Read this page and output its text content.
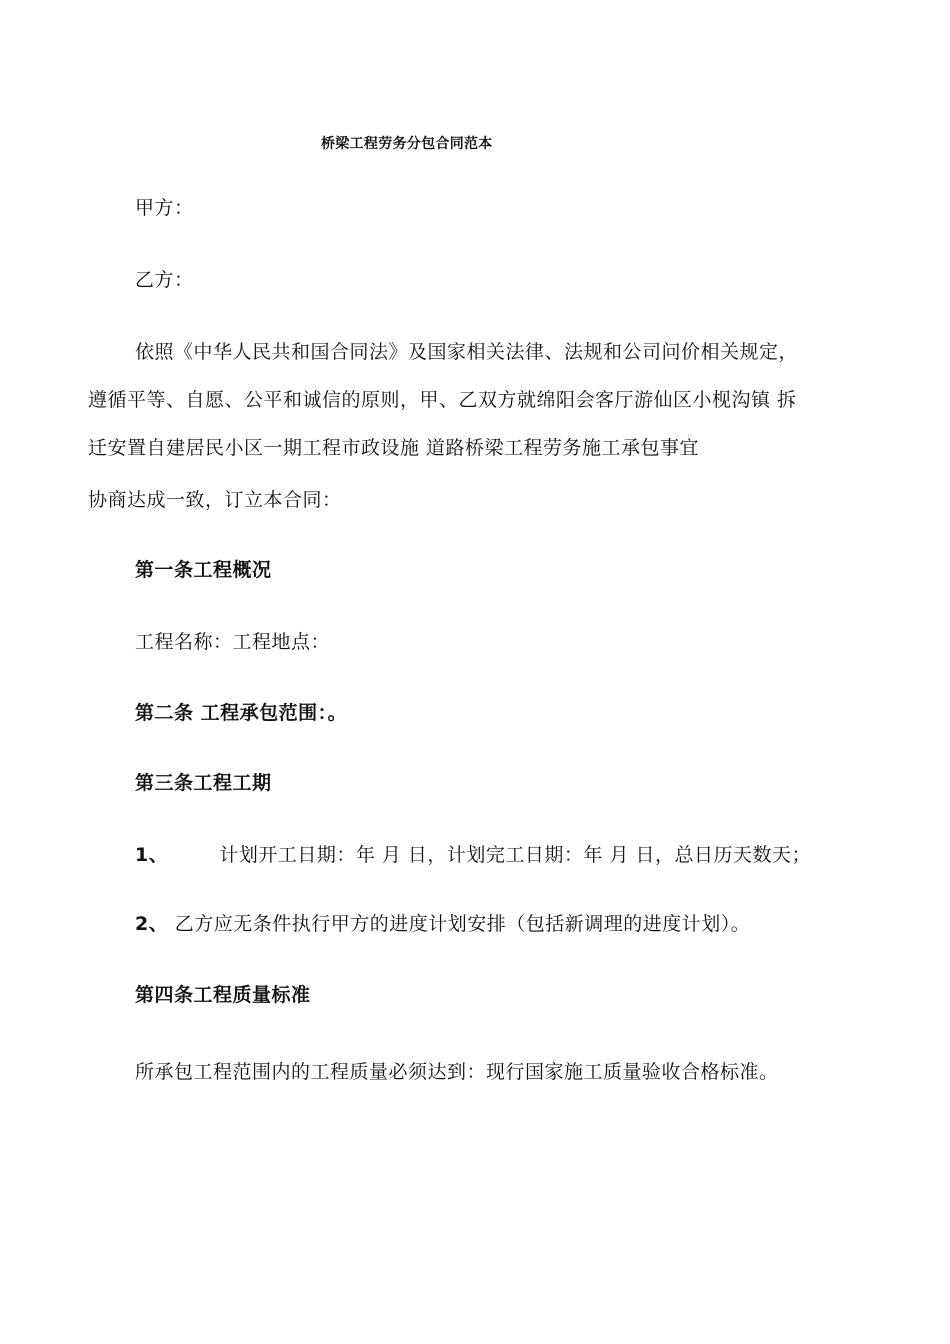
桥梁工程劳务分包合同范本
甲方：
乙方：
依照《中华人民共和国合同法》及国家相关法律、法规和公司问价相关规定，
遵循平等、自愿、公平和诚信的原则，甲、乙双方就绵阳会客厅游仙区小枧沟镇 拆
迁安置自建居民小区一期工程市政设施 道路桥梁工程劳务施工承包事宜
协商达成一致，订立本合同：
第一条工程概况
工程名称：工程地点：
第二条 工程承包范围：。
第三条工程工期
1、	计划开工日期：年 月 日，计划完工日期：年 月 日，总日历天数天；
2、 乙方应无条件执行甲方的进度计划安排（包括新调理的进度计划）。
第四条工程质量标准
所承包工程范围内的工程质量必须达到：现行国家施工质量验收合格标准。
